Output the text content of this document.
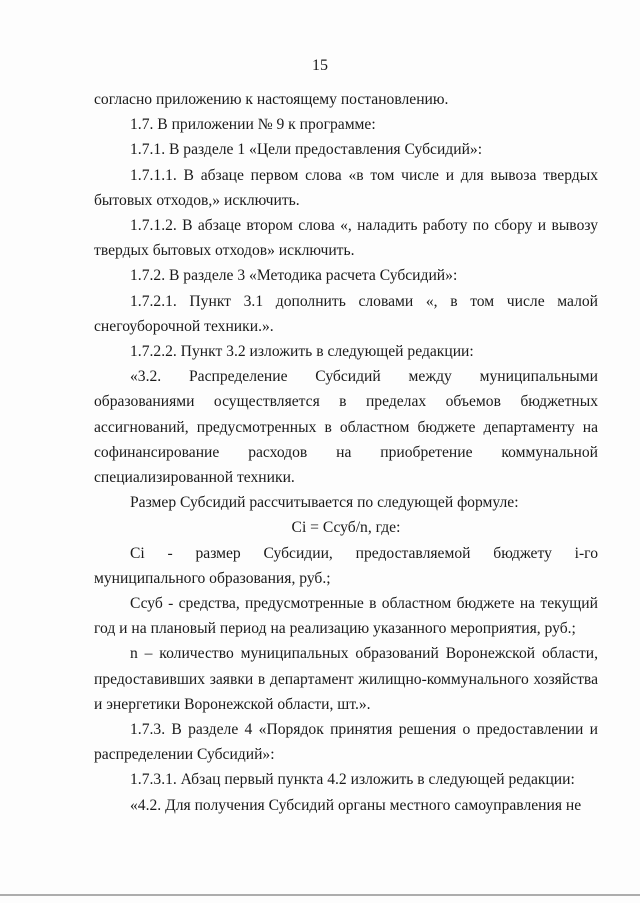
15

согласно приложению к настоящему постановлению.

1.7. В приложении № 9 к программе:

1.7.1. В разделе 1 «Цели предоставления Субсидий»:

1.7.1.1. В абзаце первом слова «в том числе и для вывоза твердых бытовых отходов,» исключить.

1.7.1.2. В абзаце втором слова «, наладить работу по сбору и вывозу твердых бытовых отходов» исключить.

1.7.2. В разделе 3 «Методика расчета Субсидий»:

1.7.2.1. Пункт 3.1 дополнить словами «, в том числе малой снегоуборочной техники.».

1.7.2.2. Пункт 3.2 изложить в следующей редакции:

«3.2. Распределение Субсидий между муниципальными образованиями осуществляется в пределах объемов бюджетных ассигнований, предусмотренных в областном бюджете департаменту на софинансирование расходов на приобретение коммунальной специализированной техники.

Размер Субсидий рассчитывается по следующей формуле:

Ci = Ссуб/n, где:

Ci - размер Субсидии, предоставляемой бюджету i-го муниципального образования, руб.;

Ссуб - средства, предусмотренные в областном бюджете на текущий год и на плановый период на реализацию указанного мероприятия, руб.;

n – количество муниципальных образований Воронежской области, предоставивших заявки в департамент жилищно-коммунального хозяйства и энергетики Воронежской области, шт.».

1.7.3. В разделе 4 «Порядок принятия решения о предоставлении и распределении Субсидий»:

1.7.3.1. Абзац первый пункта 4.2 изложить в следующей редакции:

«4.2. Для получения Субсидий органы местного самоуправления не
